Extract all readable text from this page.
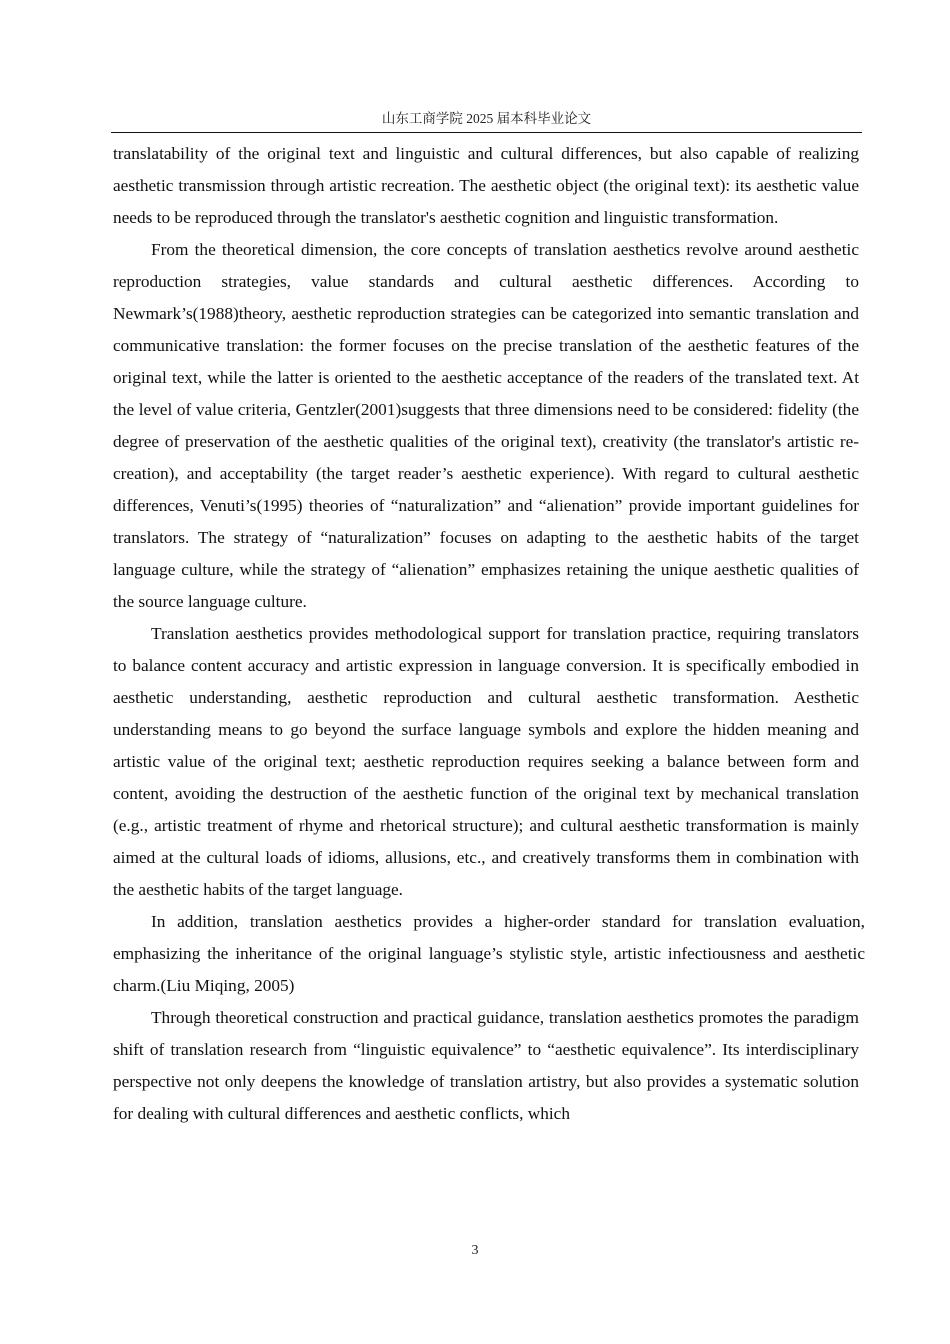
山东工商学院 2025 届本科毕业论文

translatability of the original text and linguistic and cultural differences, but also capable of realizing aesthetic transmission through artistic recreation. The aesthetic object (the original text): its aesthetic value needs to be reproduced through the translator's aesthetic cognition and linguistic transformation.

From the theoretical dimension, the core concepts of translation aesthetics revolve around aesthetic reproduction strategies, value standards and cultural aesthetic differences. According to Newmark’s(1988)theory, aesthetic reproduction strategies can be categorized into semantic translation and communicative translation: the former focuses on the precise translation of the aesthetic features of the original text, while the latter is oriented to the aesthetic acceptance of the readers of the translated text. At the level of value criteria, Gentzler(2001)suggests that three dimensions need to be considered: fidelity (the degree of preservation of the aesthetic qualities of the original text), creativity (the translator's artistic re-creation), and acceptability (the target reader’s aesthetic experience). With regard to cultural aesthetic differences, Venuti’s(1995) theories of “naturalization” and “alienation” provide important guidelines for translators. The strategy of “naturalization” focuses on adapting to the aesthetic habits of the target language culture, while the strategy of “alienation” emphasizes retaining the unique aesthetic qualities of the source language culture.

Translation aesthetics provides methodological support for translation practice, requiring translators to balance content accuracy and artistic expression in language conversion. It is specifically embodied in aesthetic understanding, aesthetic reproduction and cultural aesthetic transformation. Aesthetic understanding means to go beyond the surface language symbols and explore the hidden meaning and artistic value of the original text; aesthetic reproduction requires seeking a balance between form and content, avoiding the destruction of the aesthetic function of the original text by mechanical translation (e.g., artistic treatment of rhyme and rhetorical structure); and cultural aesthetic transformation is mainly aimed at the cultural loads of idioms, allusions, etc., and creatively transforms them in combination with the aesthetic habits of the target language.

In addition, translation aesthetics provides a higher-order standard for translation evaluation, emphasizing the inheritance of the original language’s stylistic style, artistic infectiousness and aesthetic charm.(Liu Miqing, 2005)

Through theoretical construction and practical guidance, translation aesthetics promotes the paradigm shift of translation research from “linguistic equivalence” to “aesthetic equivalence”. Its interdisciplinary perspective not only deepens the knowledge of translation artistry, but also provides a systematic solution for dealing with cultural differences and aesthetic conflicts, which

3
